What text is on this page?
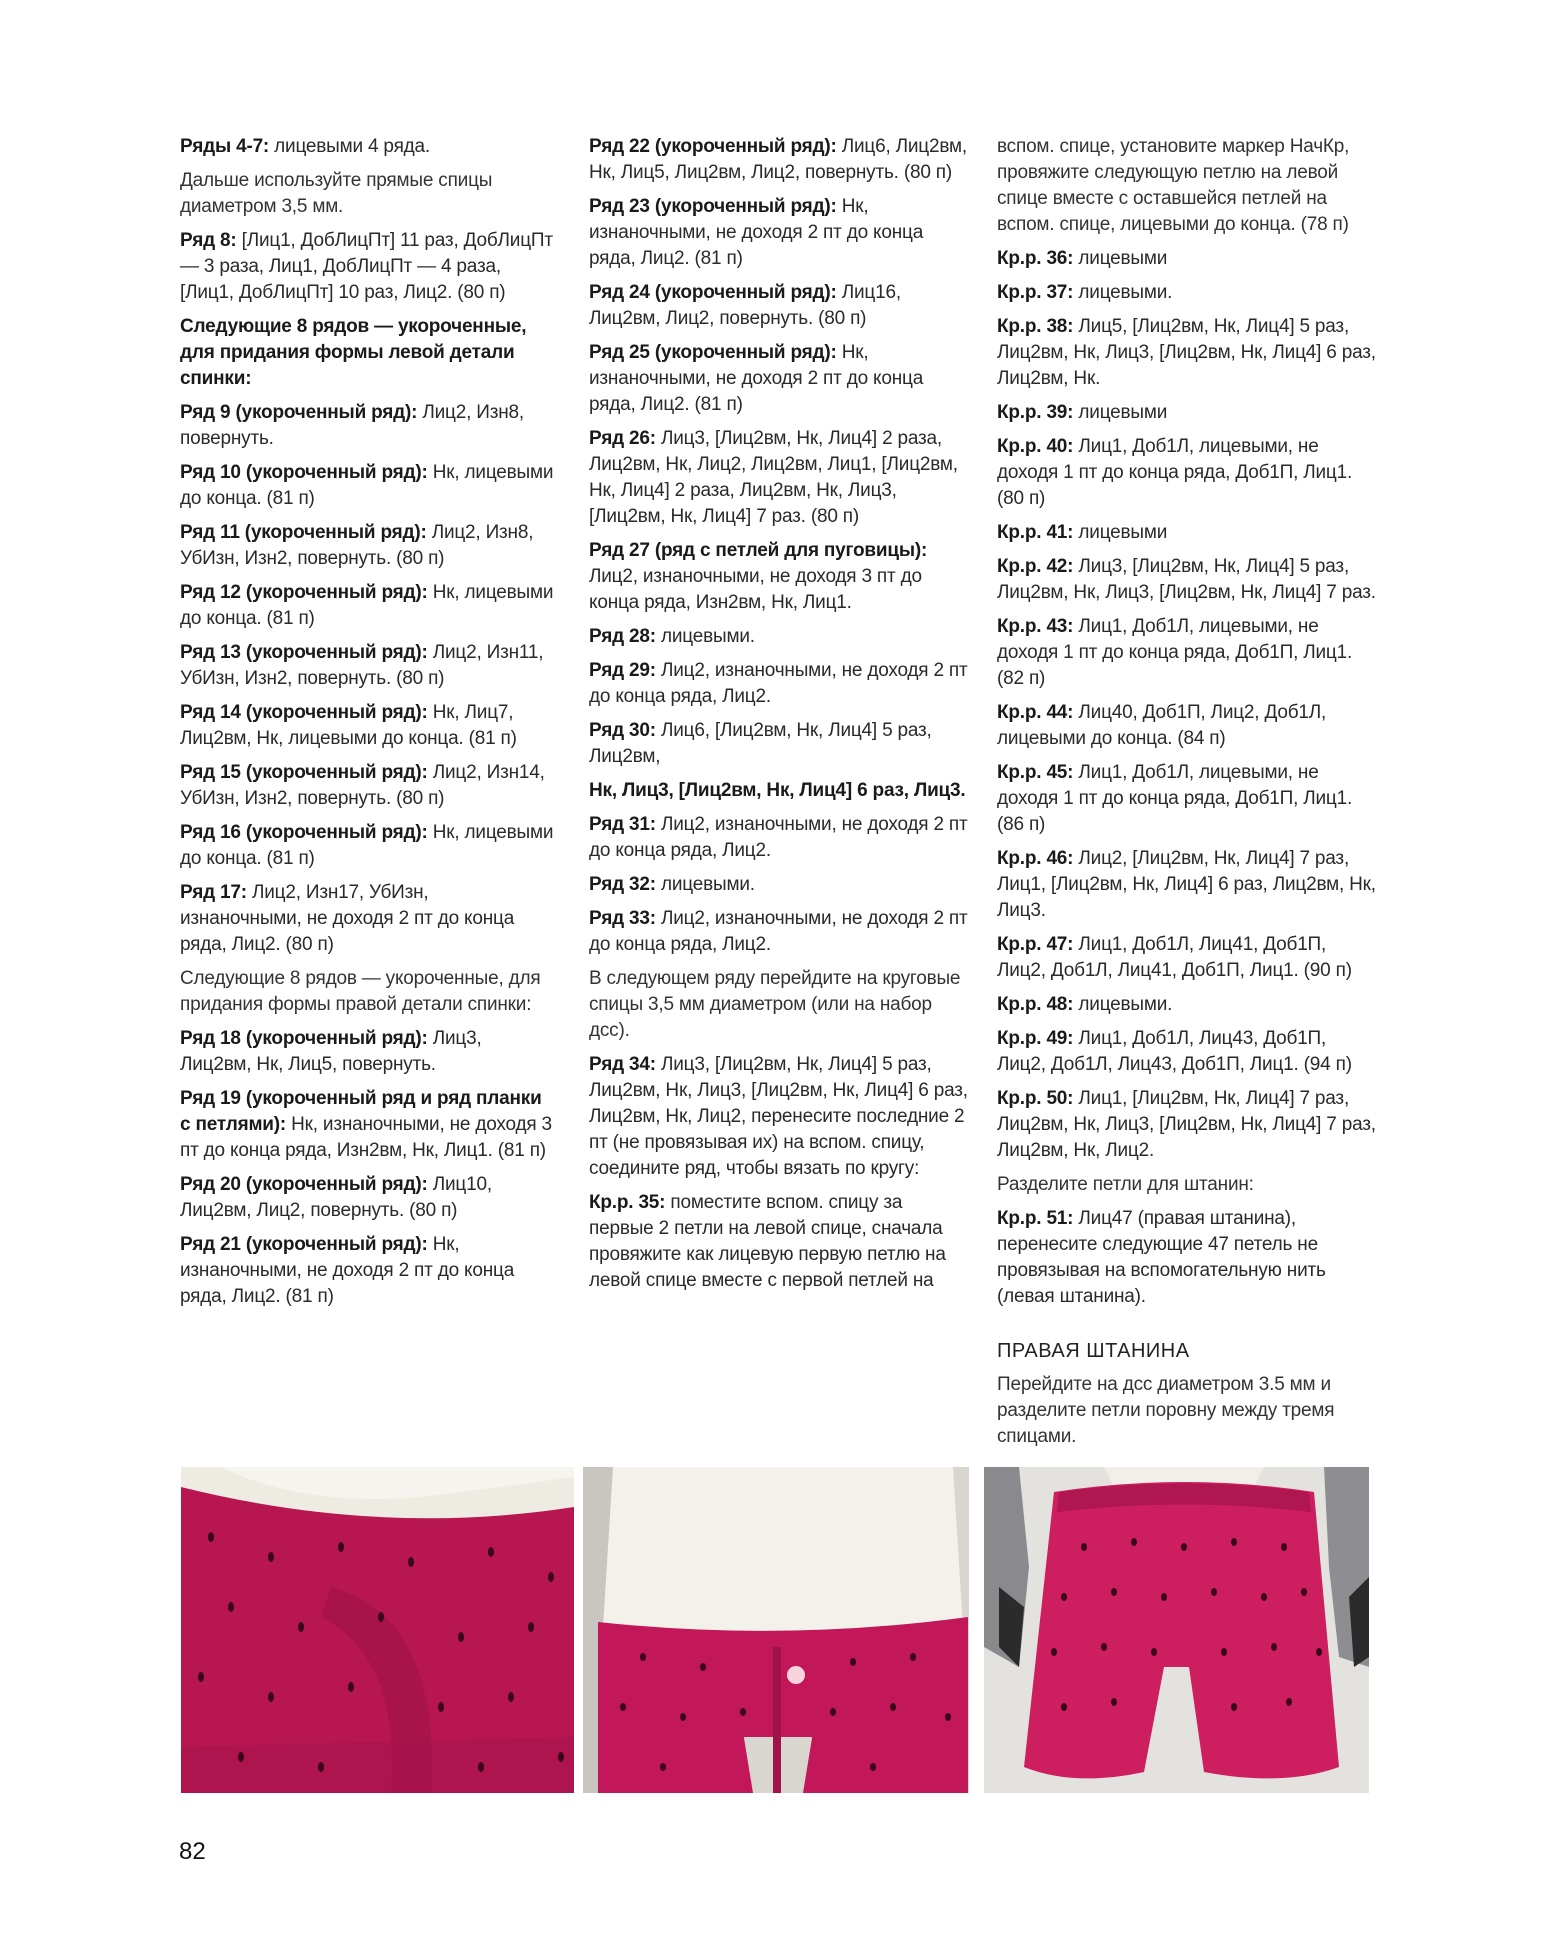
Ряды 4-7: лицевыми 4 ряда.
Дальше используйте прямые спицы диаметром 3,5 мм.
Ряд 8: [Лиц1, ДобЛицПт] 11 раз, ДобЛицПт — 3 раза, Лиц1, ДобЛицПт — 4 раза, [Лиц1, ДобЛицПт] 10 раз, Лиц2. (80 п)
Следующие 8 рядов — укороченные, для придания формы левой детали спинки:
Ряд 9 (укороченный ряд): Лиц2, Изн8, повернуть.
Ряд 10 (укороченный ряд): Нк, лицевыми до конца. (81 п)
Ряд 11 (укороченный ряд): Лиц2, Изн8, УбИзн, Изн2, повернуть. (80 п)
Ряд 12 (укороченный ряд): Нк, лицевыми до конца. (81 п)
Ряд 13 (укороченный ряд): Лиц2, Изн11, УбИзн, Изн2, повернуть. (80 п)
Ряд 14 (укороченный ряд): Нк, Лиц7, Лиц2вм, Нк, лицевыми до конца. (81 п)
Ряд 15 (укороченный ряд): Лиц2, Изн14, УбИзн, Изн2, повернуть. (80 п)
Ряд 16 (укороченный ряд): Нк, лицевыми до конца. (81 п)
Ряд 17: Лиц2, Изн17, УбИзн, изнаночными, не доходя 2 пт до конца ряда, Лиц2. (80 п)
Следующие 8 рядов — укороченные, для придания формы правой детали спинки:
Ряд 18 (укороченный ряд): Лиц3, Лиц2вм, Нк, Лиц5, повернуть.
Ряд 19 (укороченный ряд и ряд планки с петлями): Нк, изнаночными, не доходя 3 пт до конца ряда, Изн2вм, Нк, Лиц1. (81 п)
Ряд 20 (укороченный ряд): Лиц10, Лиц2вм, Лиц2, повернуть. (80 п)
Ряд 21 (укороченный ряд): Нк, изнаночными, не доходя 2 пт до конца ряда, Лиц2. (81 п)
Ряд 22 (укороченный ряд): Лиц6, Лиц2вм, Нк, Лиц5, Лиц2вм, Лиц2, повернуть. (80 п)
Ряд 23 (укороченный ряд): Нк, изнаночными, не доходя 2 пт до конца ряда, Лиц2. (81 п)
Ряд 24 (укороченный ряд): Лиц16, Лиц2вм, Лиц2, повернуть. (80 п)
Ряд 25 (укороченный ряд): Нк, изнаночными, не доходя 2 пт до конца ряда, Лиц2. (81 п)
Ряд 26: Лиц3, [Лиц2вм, Нк, Лиц4] 2 раза, Лиц2вм, Нк, Лиц2, Лиц2вм, Лиц1, [Лиц2вм, Нк, Лиц4] 2 раза, Лиц2вм, Нк, Лиц3, [Лиц2вм, Нк, Лиц4] 7 раз. (80 п)
Ряд 27 (ряд с петлей для пуговицы): Лиц2, изнаночными, не доходя 3 пт до конца ряда, Изн2вм, Нк, Лиц1.
Ряд 28: лицевыми.
Ряд 29: Лиц2, изнаночными, не доходя 2 пт до конца ряда, Лиц2.
Ряд 30: Лиц6, [Лиц2вм, Нк, Лиц4] 5 раз, Лиц2вм,
Нк, Лиц3, [Лиц2вм, Нк, Лиц4] 6 раз, Лиц3.
Ряд 31: Лиц2, изнаночными, не доходя 2 пт до конца ряда, Лиц2.
Ряд 32: лицевыми.
Ряд 33: Лиц2, изнаночными, не доходя 2 пт до конца ряда, Лиц2.
В следующем ряду перейдите на круговые спицы 3,5 мм диаметром (или на набор дсс).
Ряд 34: Лиц3, [Лиц2вм, Нк, Лиц4] 5 раз, Лиц2вм, Нк, Лиц3, [Лиц2вм, Нк, Лиц4] 6 раз, Лиц2вм, Нк, Лиц2, перенесите последние 2 пт (не провязывая их) на вспом. спицу, соедините ряд, чтобы вязать по кругу:
Кр.р. 35: поместите вспом. спицу за первые 2 петли на левой спице, сначала провяжите как лицевую первую петлю на левой спице вместе с первой петлей на
вспом. спице, установите маркер НачКр, провяжите следующую петлю на левой спице вместе с оставшейся петлей на вспом. спице, лицевыми до конца. (78 п)
Кр.р. 36: лицевыми
Кр.р. 37: лицевыми.
Кр.р. 38: Лиц5, [Лиц2вм, Нк, Лиц4] 5 раз, Лиц2вм, Нк, Лиц3, [Лиц2вм, Нк, Лиц4] 6 раз, Лиц2вм, Нк.
Кр.р. 39: лицевыми
Кр.р. 40: Лиц1, Доб1Л, лицевыми, не доходя 1 пт до конца ряда, Доб1П, Лиц1. (80 п)
Кр.р. 41: лицевыми
Кр.р. 42: Лиц3, [Лиц2вм, Нк, Лиц4] 5 раз, Лиц2вм, Нк, Лиц3, [Лиц2вм, Нк, Лиц4] 7 раз.
Кр.р. 43: Лиц1, Доб1Л, лицевыми, не доходя 1 пт до конца ряда, Доб1П, Лиц1. (82 п)
Кр.р. 44: Лиц40, Доб1П, Лиц2, Доб1Л, лицевыми до конца. (84 п)
Кр.р. 45: Лиц1, Доб1Л, лицевыми, не доходя 1 пт до конца ряда, Доб1П, Лиц1. (86 п)
Кр.р. 46: Лиц2, [Лиц2вм, Нк, Лиц4] 7 раз, Лиц1, [Лиц2вм, Нк, Лиц4] 6 раз, Лиц2вм, Нк, Лиц3.
Кр.р. 47: Лиц1, Доб1Л, Лиц41, Доб1П, Лиц2, Доб1Л, Лиц41, Доб1П, Лиц1. (90 п)
Кр.р. 48: лицевыми.
Кр.р. 49: Лиц1, Доб1Л, Лиц43, Доб1П, Лиц2, Доб1Л, Лиц43, Доб1П, Лиц1. (94 п)
Кр.р. 50: Лиц1, [Лиц2вм, Нк, Лиц4] 7 раз, Лиц2вм, Нк, Лиц3, [Лиц2вм, Нк, Лиц4] 7 раз, Лиц2вм, Нк, Лиц2.
Разделите петли для штанин:
Кр.р. 51: Лиц47 (правая штанина), перенесите следующие 47 петель не провязывая на вспомогательную нить (левая штанина).
ПРАВАЯ ШТАНИНА
Перейдите на дсс диаметром 3.5 мм и разделите петли поровну между тремя спицами.
82
